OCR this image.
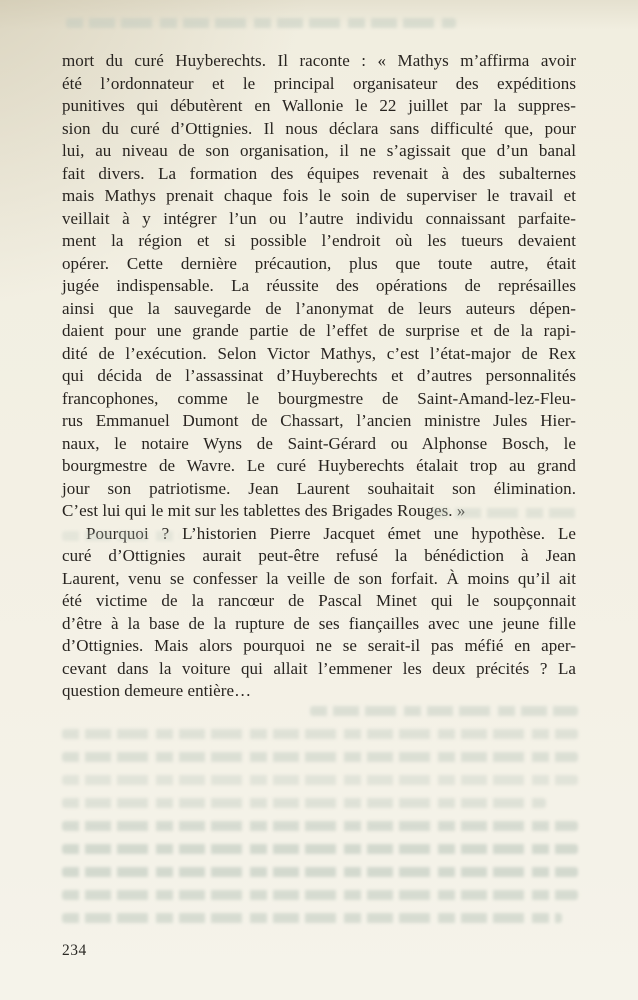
mort du curé Huyberechts. Il raconte : « Mathys m’affirma avoir
été l’ordonnateur et le principal organisateur des expéditions
punitives qui débutèrent en Wallonie le 22 juillet par la suppres-
sion du curé d’Ottignies. Il nous déclara sans difficulté que, pour
lui, au niveau de son organisation, il ne s’agissait que d’un banal
fait divers. La formation des équipes revenait à des subalternes
mais Mathys prenait chaque fois le soin de superviser le travail et
veillait à y intégrer l’un ou l’autre individu connaissant parfaite-
ment la région et si possible l’endroit où les tueurs devaient
opérer. Cette dernière précaution, plus que toute autre, était
jugée indispensable. La réussite des opérations de représailles
ainsi que la sauvegarde de l’anonymat de leurs auteurs dépen-
daient pour une grande partie de l’effet de surprise et de la rapi-
dité de l’exécution. Selon Victor Mathys, c’est l’état-major de Rex
qui décida de l’assassinat d’Huyberechts et d’autres personnalités
francophones, comme le bourgmestre de Saint-Amand-lez-Fleu-
rus Emmanuel Dumont de Chassart, l’ancien ministre Jules Hier-
naux, le notaire Wyns de Saint-Gérard ou Alphonse Bosch, le
bourgmestre de Wavre. Le curé Huyberechts étalait trop au grand
jour son patriotisme. Jean Laurent souhaitait son élimination.
C’est lui qui le mit sur les tablettes des Brigades Rouges. »
Pourquoi ? L’historien Pierre Jacquet émet une hypothèse. Le
curé d’Ottignies aurait peut-être refusé la bénédiction à Jean
Laurent, venu se confesser la veille de son forfait. À moins qu’il ait
été victime de la rancœur de Pascal Minet qui le soupçonnait
d’être à la base de la rupture de ses fiançailles avec une jeune fille
d’Ottignies. Mais alors pourquoi ne se serait-il pas méfié en aper-
cevant dans la voiture qui allait l’emmener les deux précités ? La
question demeure entière…
234
